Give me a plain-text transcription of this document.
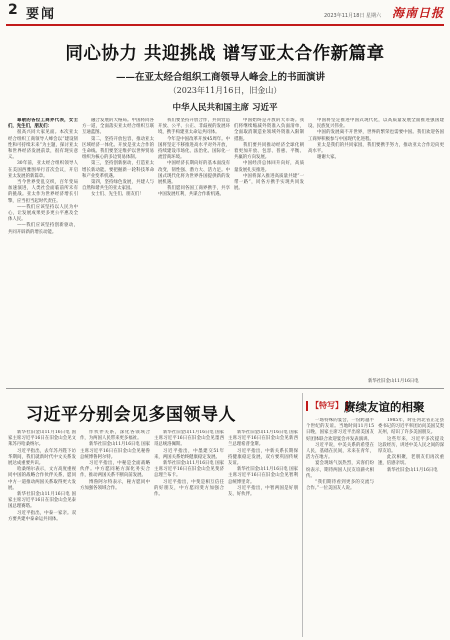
2 要闻	2023年11月18日 星期六 海南日报
同心协力 共迎挑战 谱写亚太合作新篇章
——在亚太经合组织工商领导人峰会上的书面演讲
（2023年11月16日，旧金山）
中华人民共和国主席 习近平

尊敬的各位工商界代表，女士们，先生们，朋友们：

很高兴同大家见面。本次亚太经合组织工商领导人峰会以“建设韧性和可持续未来”为主题，探讨亚太和世界经济发展前景，很有现实意义。

30年前，亚太经合组织领导人在美国西雅图举行首次会议，开启亚太发展的新篇章。

当今世界变乱交织，百年变局加速演进，人类社会面临前所未有的挑战。亚太作为世界经济增长引擎，应当担当起时代责任。

——我们应该坚持以人民为中心，让发展成果更多更公平惠及全体人民。

——我们应该坚持创新驱动，共同开辟新的增长动能。

融合发展的大格局。中国将同各方一道，全面落实亚太经合组织互联互通蓝图。

第二，坚持开放包容，推动亚太区域经济一体化。开放是亚太合作的生命线。我们要坚定维护以世界贸易组织为核心的多边贸易体制。

第三，坚持创新驱动，打造亚太增长新动能。要把握新一轮科技革命和产业变革机遇。

第四，坚持绿色发展，共建人与自然和谐共生的亚太家园。

女士们、先生们、朋友们！

我们要坚持开放合作，共同营造开放、公平、公正、非歧视的发展环境，携手构建亚太命运共同体。

今年是中国改革开放45周年。中国将坚定不移推进高水平对外开放，持续建设市场化、法治化、国际化一流营商环境。

中国经济长期向好的基本面没有改变，韧性强、潜力大、活力足。中国式现代化将为世界各国提供新的发展机遇。

我们愿同各国工商界携手，共享中国发展红利，共谋合作新机遇。

中国始终是开放的大市场。我们将继续缩减外资准入负面清单，全面取消制造业领域外资准入限制措施。

我们要共同推动经济全球化朝着更加开放、包容、普惠、平衡、共赢的方向发展。

中国经济总体回升向好，高质量发展扎实推进。

中国将深入推进高质量共建“一带一路”，同各方携手实现共同发展。

中国将坚定推进中国式现代化，以高质量发展全面推进强国建设、民族复兴伟业。

中国的发展离不开世界，世界的繁荣也需要中国。我们欢迎各国工商界积极参与中国现代化进程。

亚太是我们的共同家园，我们要携手努力，推动亚太合作迈向更高水平。

谢谢大家。

新华社旧金山11月16日电
习近平分别会见多国领导人

新华社旧金山11月16日电 国家主席习近平16日在旧金山会见文莱苏丹哈桑纳尔。

习近平指出，去年苏丹陛下访华期间，我们就新时代中文关系发展达成重要共识。

哈桑纳尔表示，文方高度重视同中国的战略合作伙伴关系，愿同中方一道推动两国关系取得更大发展。

新华社旧金山11月16日电 国家主席习近平16日在旧金山会见泰国总理赛塔。

习近平指出，中泰一家亲。双方要共建中泰命运共同体。

作伙伴关系，深化各领域合作，为两国人民带来更多福祉。

新华社旧金山11月16日电 国家主席习近平16日在旧金山会见秘鲁总统博鲁阿尔特。

习近平指出，中秘是全面战略伙伴。中方愿同秘方深化务实合作，推动两国关系不断向前发展。

博鲁阿尔特表示，秘方愿同中方加强各领域合作。

新华社旧金山11月16日电 国家主席习近平16日在旧金山会见墨西哥总统洛佩斯。

习近平指出，中墨建交51年来，两国关系始终健康稳定发展。

新华社旧金山11月16日电 国家主席习近平16日在旧金山会见斐济总理兰布卡。

习近平指出，中斐是相互信任的好朋友，中方愿同斐方加强合作。

新华社旧金山11月16日电 国家主席习近平16日在旧金山会见新西兰总理希普金斯。

习近平指出，中新关系长期保持健康稳定发展，双方要巩固传统友谊。

新华社旧金山11月16日电 国家主席习近平16日在旧金山会见智利总统博里奇。

习近平指出，中智两国是好朋友、好伙伴。

【特写】 赓续友谊的相聚

一场特殊的宴会，一份跨越半个世纪的友谊。当地时间11月15日晚，国家主席习近平出席美国友好团体联合欢迎宴会并发表演讲。

习近平说，中美关系的希望在人民，基础在民间，未来在青年，活力在地方。

宴会现场气氛热烈，宾客们纷纷表示，期待两国人民友谊薪火相传。

“我们期待看到更多的交流与合作。”一位美国友人说。

1985年，时任河北省正定县委书记的习近平率团访问美国艾奥瓦州，结识了许多美国朋友。

这些年来，习近平多次提及这段经历，讲述中美人民之间的深厚友谊。

此次相聚，老朋友们再次重逢，倍感亲切。

新华社旧金山11月16日电
